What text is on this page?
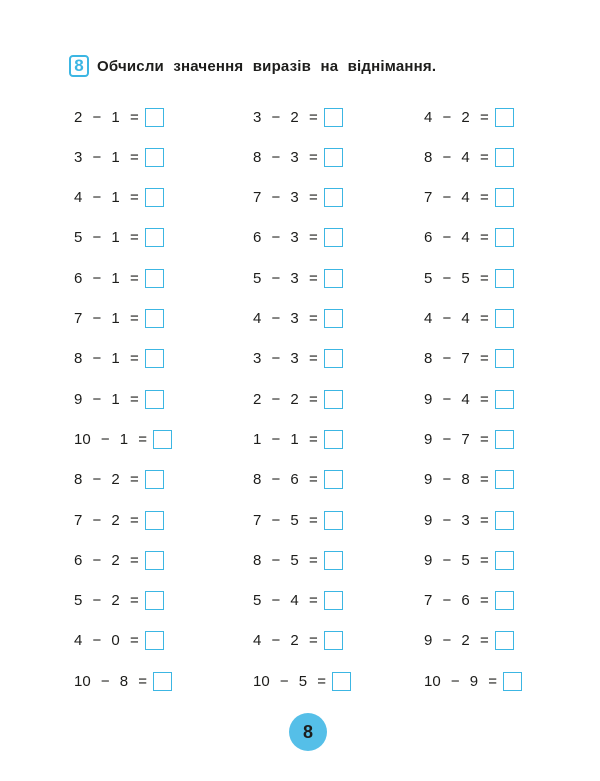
8 Обчисли значення виразів на віднімання.
2 − 1 =
3 − 1 =
4 − 1 =
5 − 1 =
6 − 1 =
7 − 1 =
8 − 1 =
9 − 1 =
10 − 1 =
8 − 2 =
7 − 2 =
6 − 2 =
5 − 2 =
4 − 0 =
10 − 8 =
3 − 2 =
8 − 3 =
7 − 3 =
6 − 3 =
5 − 3 =
4 − 3 =
3 − 3 =
2 − 2 =
1 − 1 =
8 − 6 =
7 − 5 =
8 − 5 =
5 − 4 =
4 − 2 =
10 − 5 =
4 − 2 =
8 − 4 =
7 − 4 =
6 − 4 =
5 − 5 =
4 − 4 =
8 − 7 =
9 − 4 =
9 − 7 =
9 − 8 =
9 − 3 =
9 − 5 =
7 − 6 =
9 − 2 =
10 − 9 =
8
